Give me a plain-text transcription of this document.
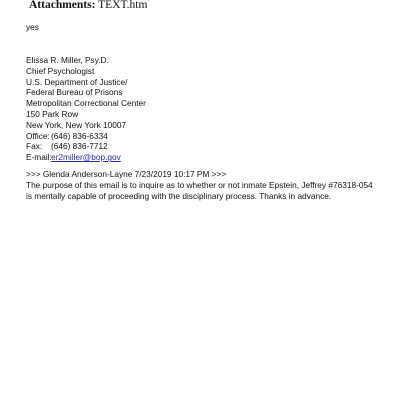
Attachments: TEXT.htm
yes
Elissa R. Miller, Psy.D.
Chief Psychologist
U.S. Department of Justice/
Federal Bureau of Prisons
Metropolitan Correctional Center
150 Park Row
New York, New York 10007
Office:(646) 836-6334
Fax: (646) 836-7712
E-mail:er2miller@bop.gov
>>> Glenda Anderson-Layne 7/23/2019 10:17 PM >>>
The purpose of this email is to inquire as to whether or not inmate Epstein, Jeffrey #76318-054 is mentally capable of proceeding with the disciplinary process. Thanks in advance.
